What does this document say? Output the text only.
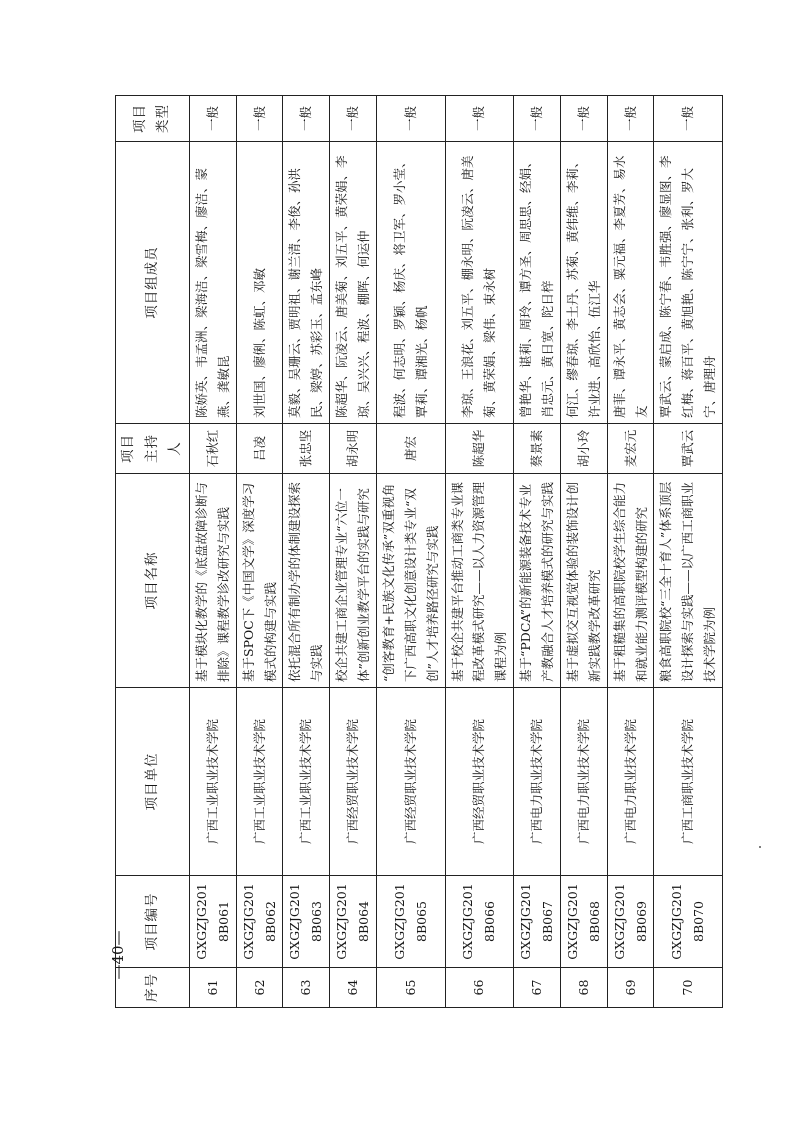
序号	项目编号	项目单位	项目名称	项目主持人	项目组成员	项目类型
61	GXGZJG2018B061	广西工业职业技术学院	基于模块化教学的《底盘故障诊断与排除》课程教学诊改研究与实践	石秋红	陈娇英、韦孟洲、梁海洁、梁雪梅、廖洁、蒙燕、龚敏昆	一般
62	GXGZJG2018B062	广西工业职业技术学院	基于SPOC下《中国文学》深度学习模式的构建与实践	吕凌	刘世国、廖俐、陈虹、邓敏	一般
63	GXGZJG2018B063	广西工业职业技术学院	依托混合所有制办学的体制建设探索与实践	张忠坚	莫毅、吴珊云、贾明祖、谢兰清、李俊、孙洪民、梁婷、苏彩玉、孟东峰	一般
64	GXGZJG2018B064	广西经贸职业技术学院	校企共建工商企业管理专业“六位一体”创新创业教学平台的实践与研究	胡永明	陈超华、阮凌云、唐美菊、刘五平、黄荣娟、李琼、吴兴兴、程波、棚晖、何运仲	一般
65	GXGZJG2018B065	广西经贸职业技术学院	“创客教育+民族文化传承”双重视角下广西高职文化创意设计类专业“双创”人才培养路径研究与实践	唐宏	程波、何志明、罗颖、杨庆、将卫军、罗小莹、覃莉、谭湘光、杨帆	一般
66	GXGZJG2018B066	广西经贸职业技术学院	基于校企共建平台推动工商类专业课程改革模式研究——以人力资源管理课程为例	陈超华	李琼、王浪花、刘五平、棚永明、阮凌云、唐美菊、黄荣娟、梁伟、束永树	一般
67	GXGZJG2018B067	广西电力职业技术学院	基于“PDCA”的新能源装备技术专业产教融合人才培养模式的研究与实践	蔡景素	曾艳华、谌莉、周玲、谭方圣、周思思、经娟、肖忠元、黄日宽、陀日梓	一般
68	GXGZJG2018B068	广西电力职业技术学院	基于虚拟交互视觉体验的装饰设计创新实践教学改革研究	胡小玲	何江、缪春琼、李土丹、苏菊、黄纬维、李莉、许业进、高欣怡、伍江华	一般
69	GXGZJG2018B069	广西电力职业技术学院	基于粗糙集的高职院校学生综合能力和就业能力测评模型构建的研究	麦宏元	唐菲、谭永平、黄志会、粟元福、李夏芳、易水友	一般
70	GXGZJG2018B070	广西工商职业技术学院	粮食高职院校“三全十育人”体系顶层设计探索与实践——以广西工商职业技术学院为例	覃武云	覃武云、蒙启成、陈宁春、韦胜强、廖显图、李红梅、蒋百平、黄旭艳、陈宁宁、张利、罗大宁、唐理舟	一般
—40—
